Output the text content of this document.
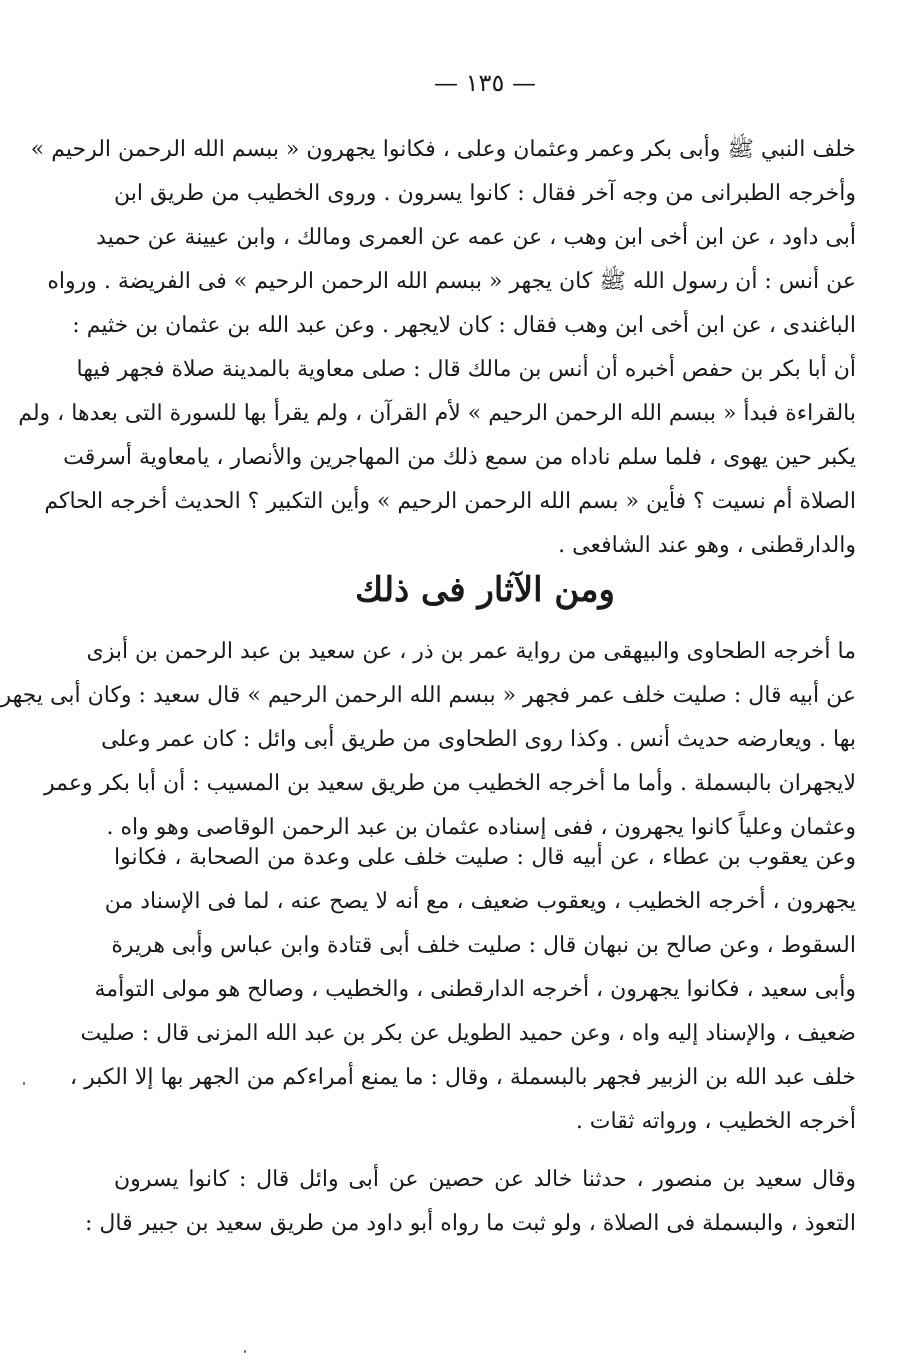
— ١٣٥ —
خلف النبي ﷺ وأبى بكر وعمر وعثمان وعلى ، فكانوا يجهرون « ببسم الله الرحمن الرحيم »
وأخرجه الطبرانى من وجه آخر فقال : كانوا يسرون . وروى الخطيب من طريق ابن
أبى داود ، عن ابن أخى ابن وهب ، عن عمه عن العمرى ومالك ، وابن عيينة عن حميد
عن أنس : أن رسول الله ﷺ كان يجهر « ببسم الله الرحمن الرحيم » فى الفريضة . ورواه
الباغندى ، عن ابن أخى ابن وهب فقال : كان لايجهر . وعن عبد الله بن عثمان بن خثيم :
أن أبا بكر بن حفص أخبره أن أنس بن مالك قال : صلى معاوية بالمدينة صلاة فجهر فيها
بالقراءة فبدأ « ببسم الله الرحمن الرحيم » لأم القرآن ، ولم يقرأ بها للسورة التى بعدها ، ولم
يكبر حين يهوى ، فلما سلم ناداه من سمع ذلك من المهاجرين والأنصار ، يامعاوية أسرقت
الصلاة أم نسيت ؟ فأين « بسم الله الرحمن الرحيم » وأين التكبير ؟ الحديث أخرجه الحاكم
والدارقطنى ، وهو عند الشافعى .
ومن الآثار فى ذلك
ما أخرجه الطحاوى والبيهقى من رواية عمر بن ذر ، عن سعيد بن عبد الرحمن بن أبزى
عن أبيه قال : صليت خلف عمر فجهر « ببسم الله الرحمن الرحيم » قال سعيد : وكان أبى يجهر
بها . ويعارضه حديث أنس . وكذا روى الطحاوى من طريق أبى وائل : كان عمر وعلى
لايجهران بالبسملة . وأما ما أخرجه الخطيب من طريق سعيد بن المسيب : أن أبا بكر وعمر
وعثمان وعلياً كانوا يجهرون ، ففى إسناده عثمان بن عبد الرحمن الوقاصى وهو واه .
وعن يعقوب بن عطاء ، عن أبيه قال : صليت خلف على وعدة من الصحابة ، فكانوا
يجهرون ، أخرجه الخطيب ، ويعقوب ضعيف ، مع أنه لا يصح عنه ، لما فى الإسناد من
السقوط ، وعن صالح بن نبهان قال : صليت خلف أبى قتادة وابن عباس وأبى هريرة
وأبى سعيد ، فكانوا يجهرون ، أخرجه الدارقطنى ، والخطيب ، وصالح هو مولى التوأمة
ضعيف ، والإسناد إليه واه ، وعن حميد الطويل عن بكر بن عبد الله المزنى قال : صليت
خلف عبد الله بن الزبير فجهر بالبسملة ، وقال : ما يمنع أمراءكم من الجهر بها إلا الكبر ،
أخرجه الخطيب ، ورواته ثقات .
وقال سعيد بن منصور ، حدثنا خالد عن حصين عن أبى وائل قال : كانوا يسرون
التعوذ ، والبسملة فى الصلاة ، ولو ثبت ما رواه أبو داود من طريق سعيد بن جبير قال :
